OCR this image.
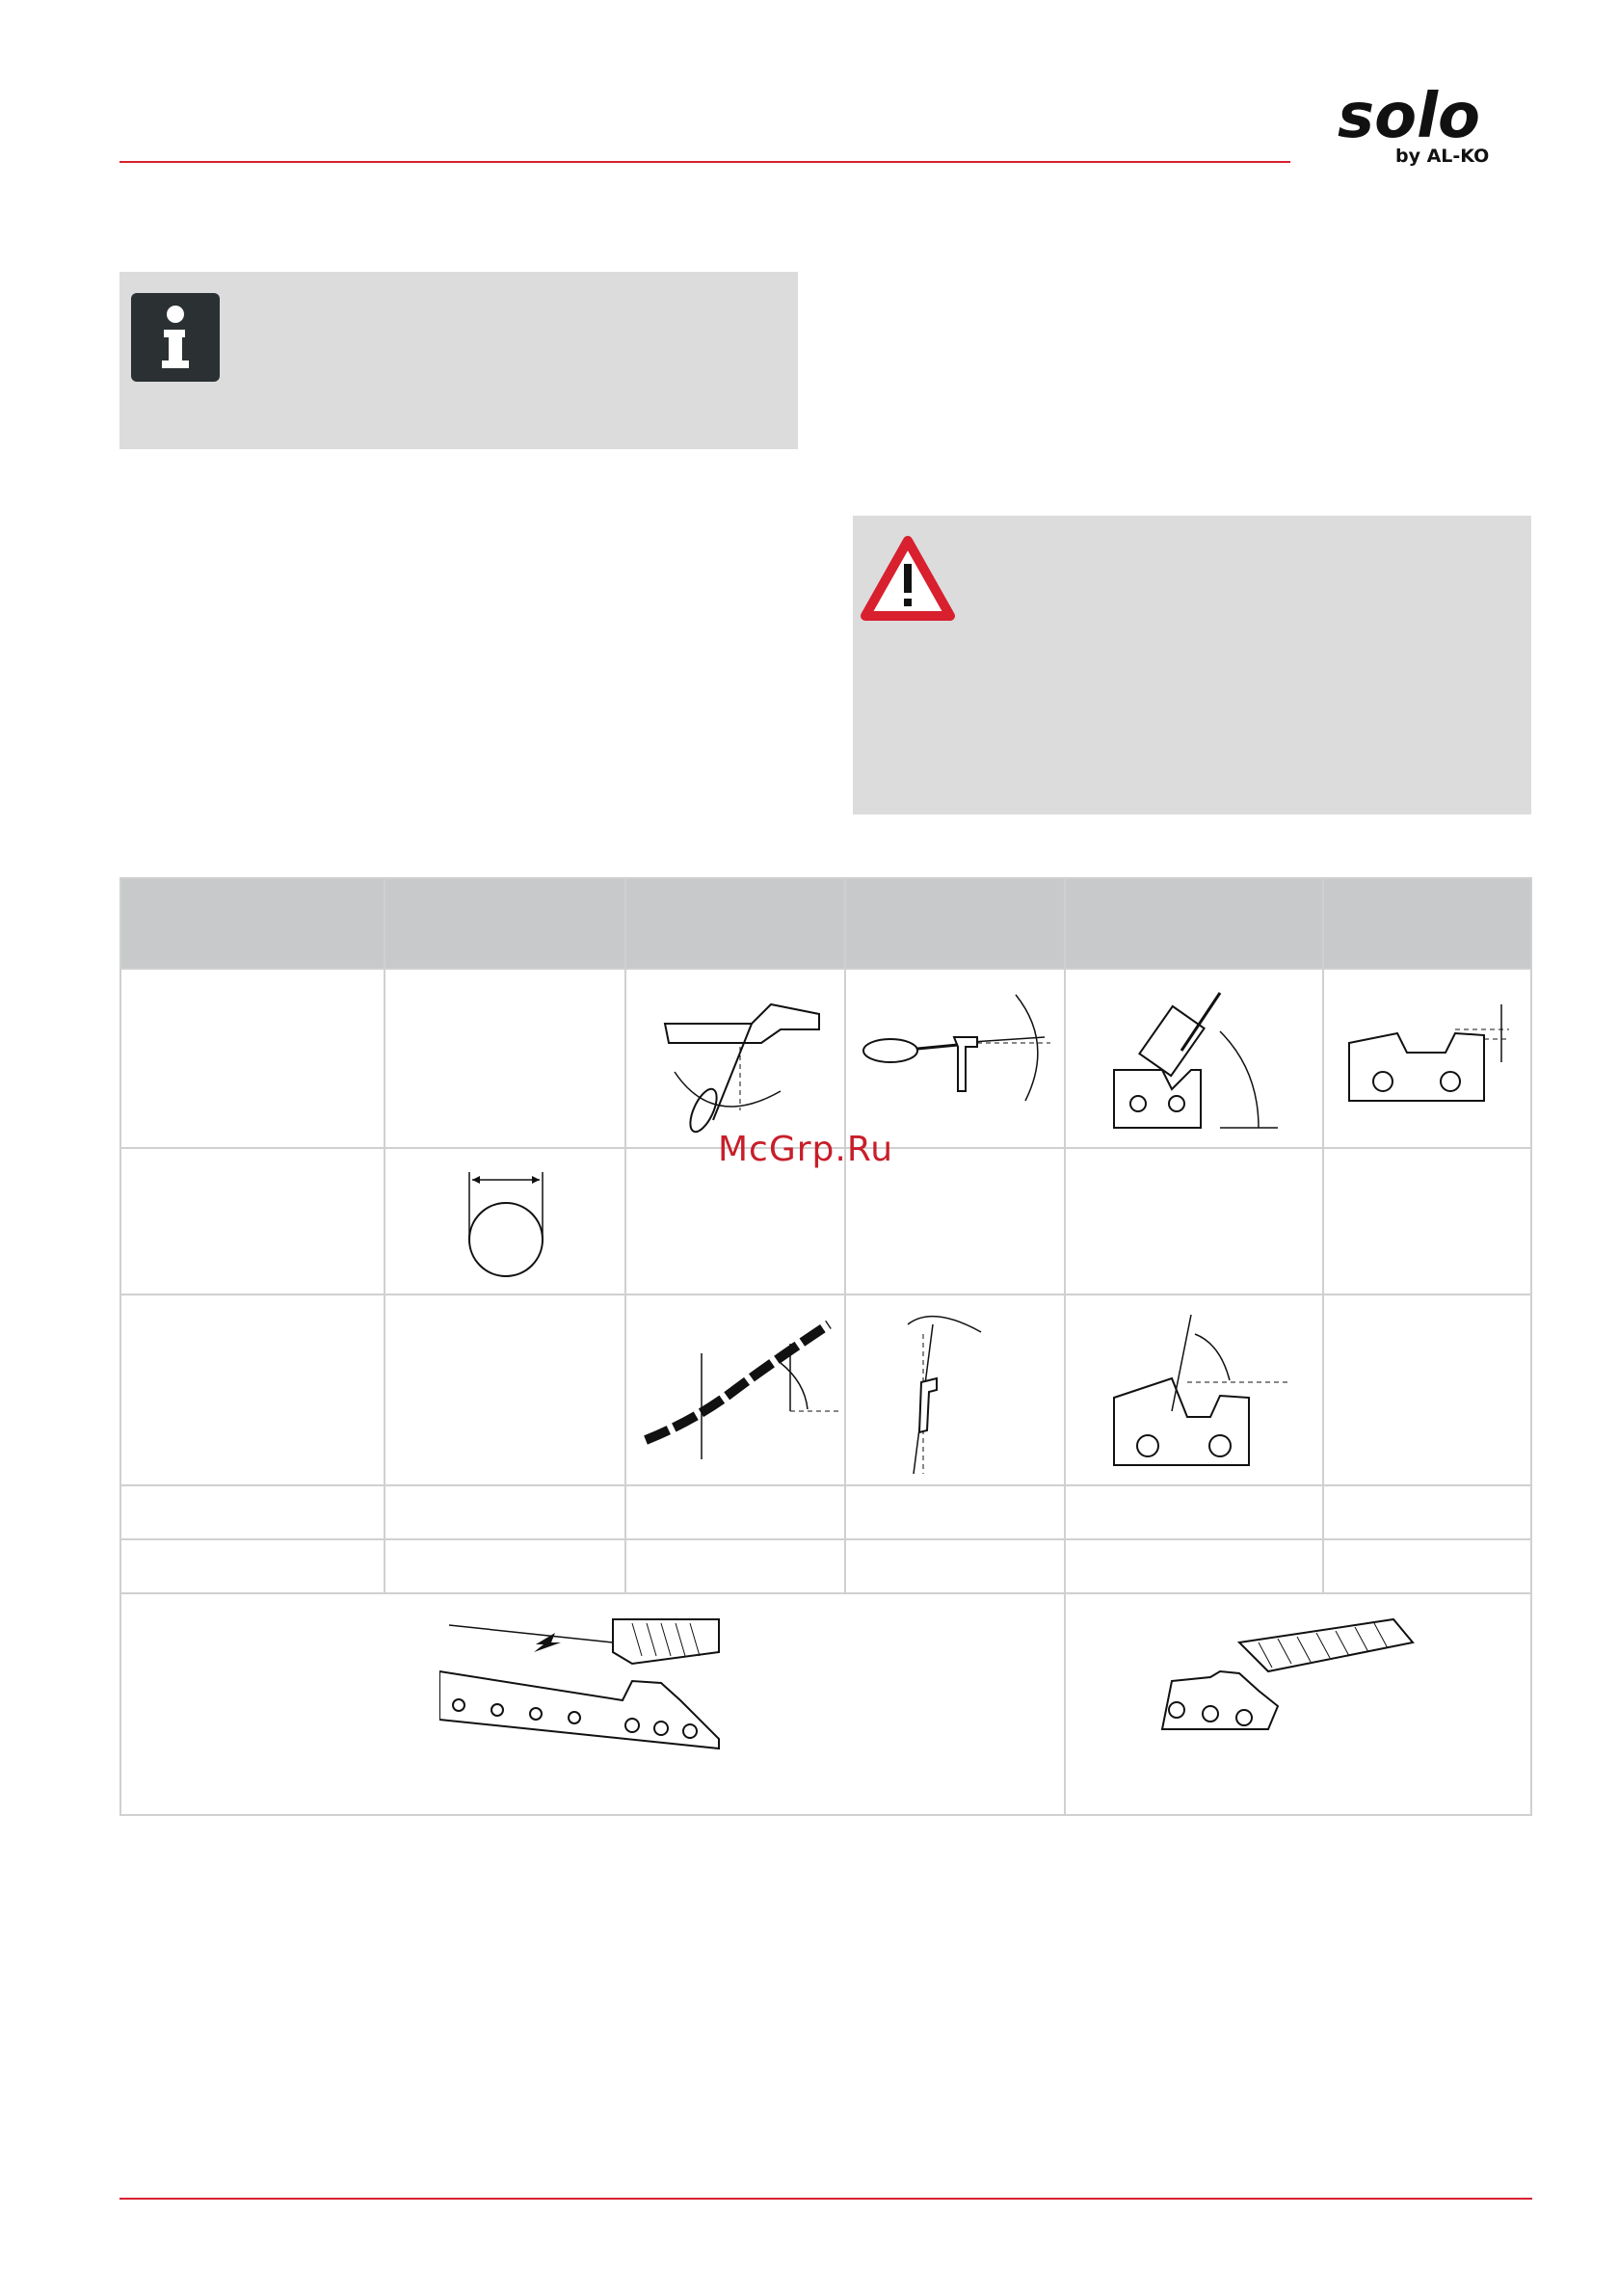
solo
by AL-KO
McGrp.Ru
